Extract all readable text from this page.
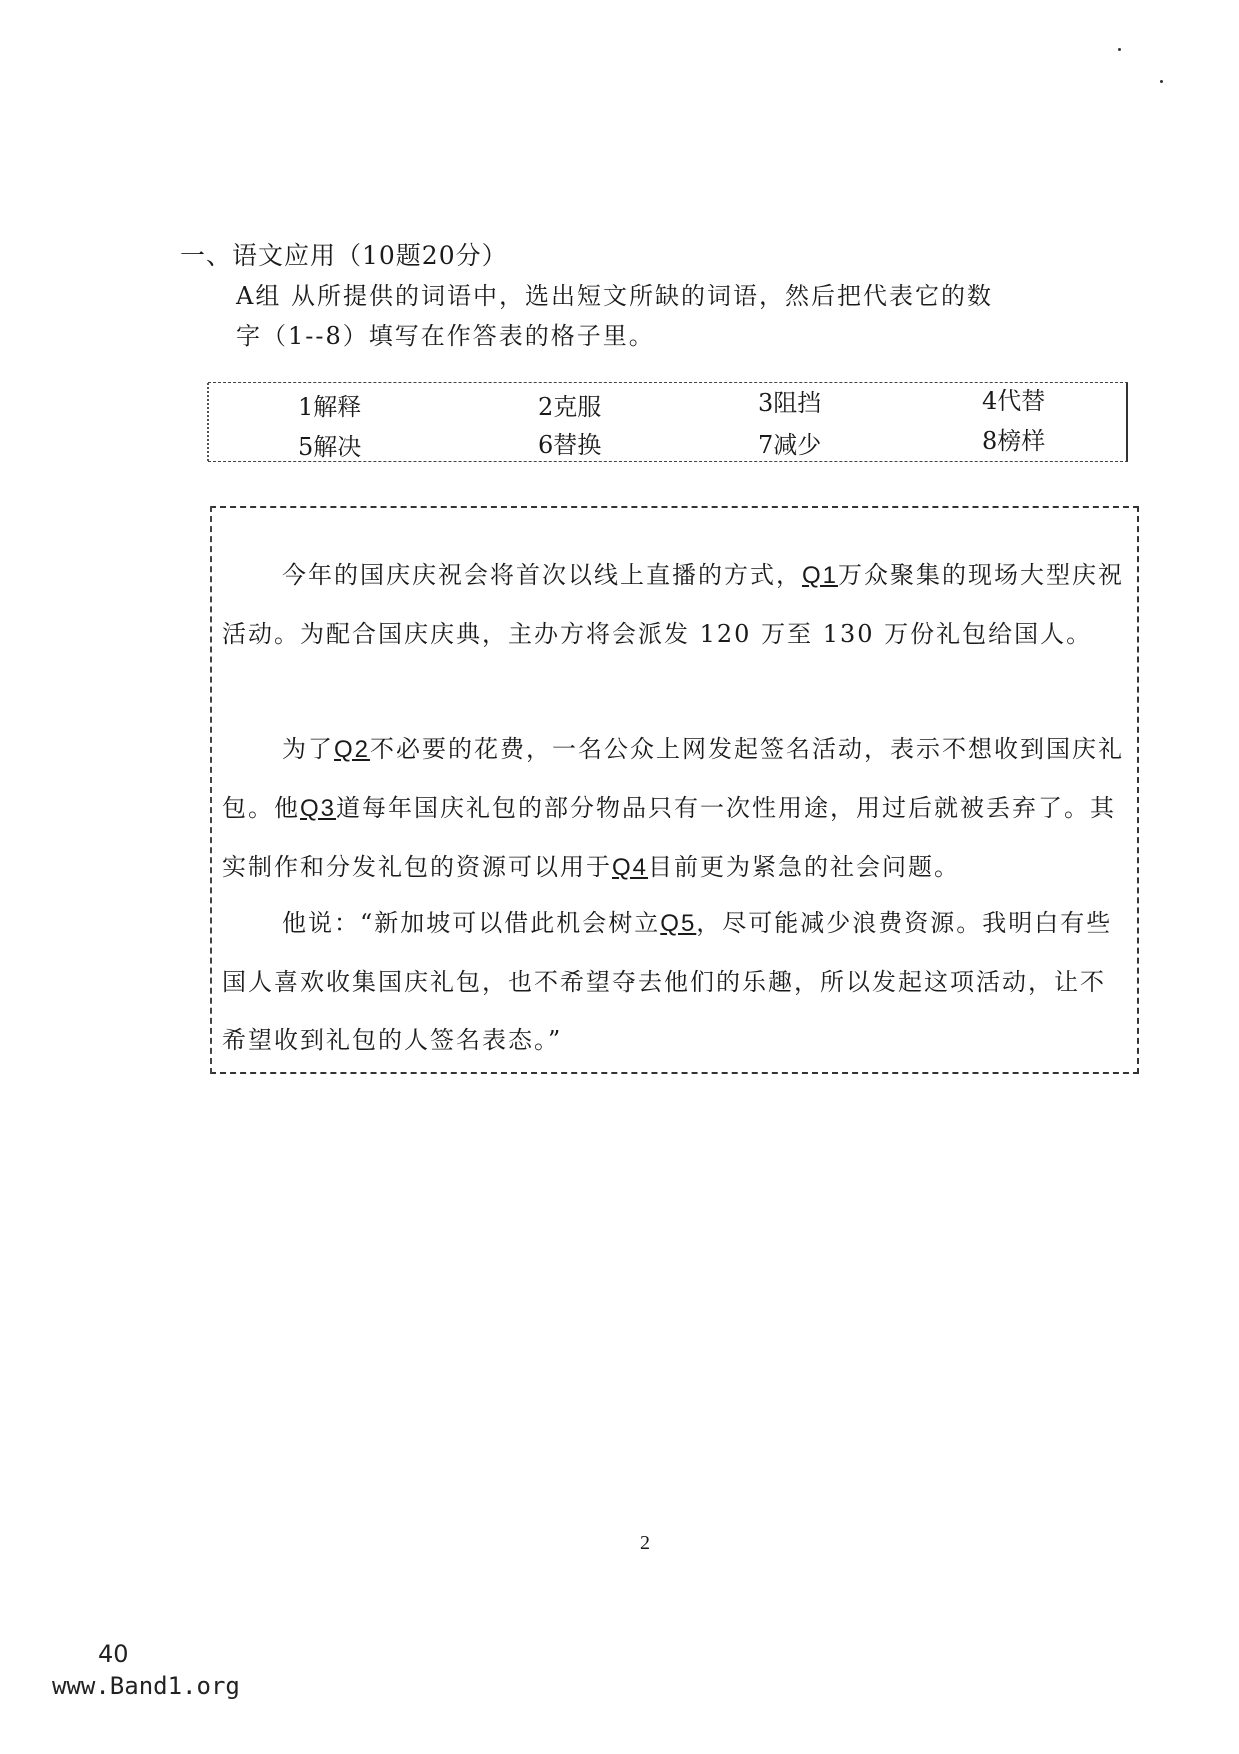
一、语文应用（10题20分）
A组 从所提供的词语中，选出短文所缺的词语，然后把代表它的数
字（1--8）填写在作答表的格子里。
1解释	2克服	3阻挡	4代替
5解决	6替换	7减少	8榜样
今年的国庆庆祝会将首次以线上直播的方式，Q1万众聚集的现场大型庆祝活动。为配合国庆庆典，主办方将会派发 120 万至 130 万份礼包给国人。
为了Q2不必要的花费，一名公众上网发起签名活动，表示不想收到国庆礼包。他Q3道每年国庆礼包的部分物品只有一次性用途，用过后就被丢弃了。其实制作和分发礼包的资源可以用于Q4目前更为紧急的社会问题。
他说：“新加坡可以借此机会树立Q5，尽可能减少浪费资源。我明白有些国人喜欢收集国庆礼包，也不希望夺去他们的乐趣，所以发起这项活动，让不希望收到礼包的人签名表态。”
2
40
www.Band1.org
